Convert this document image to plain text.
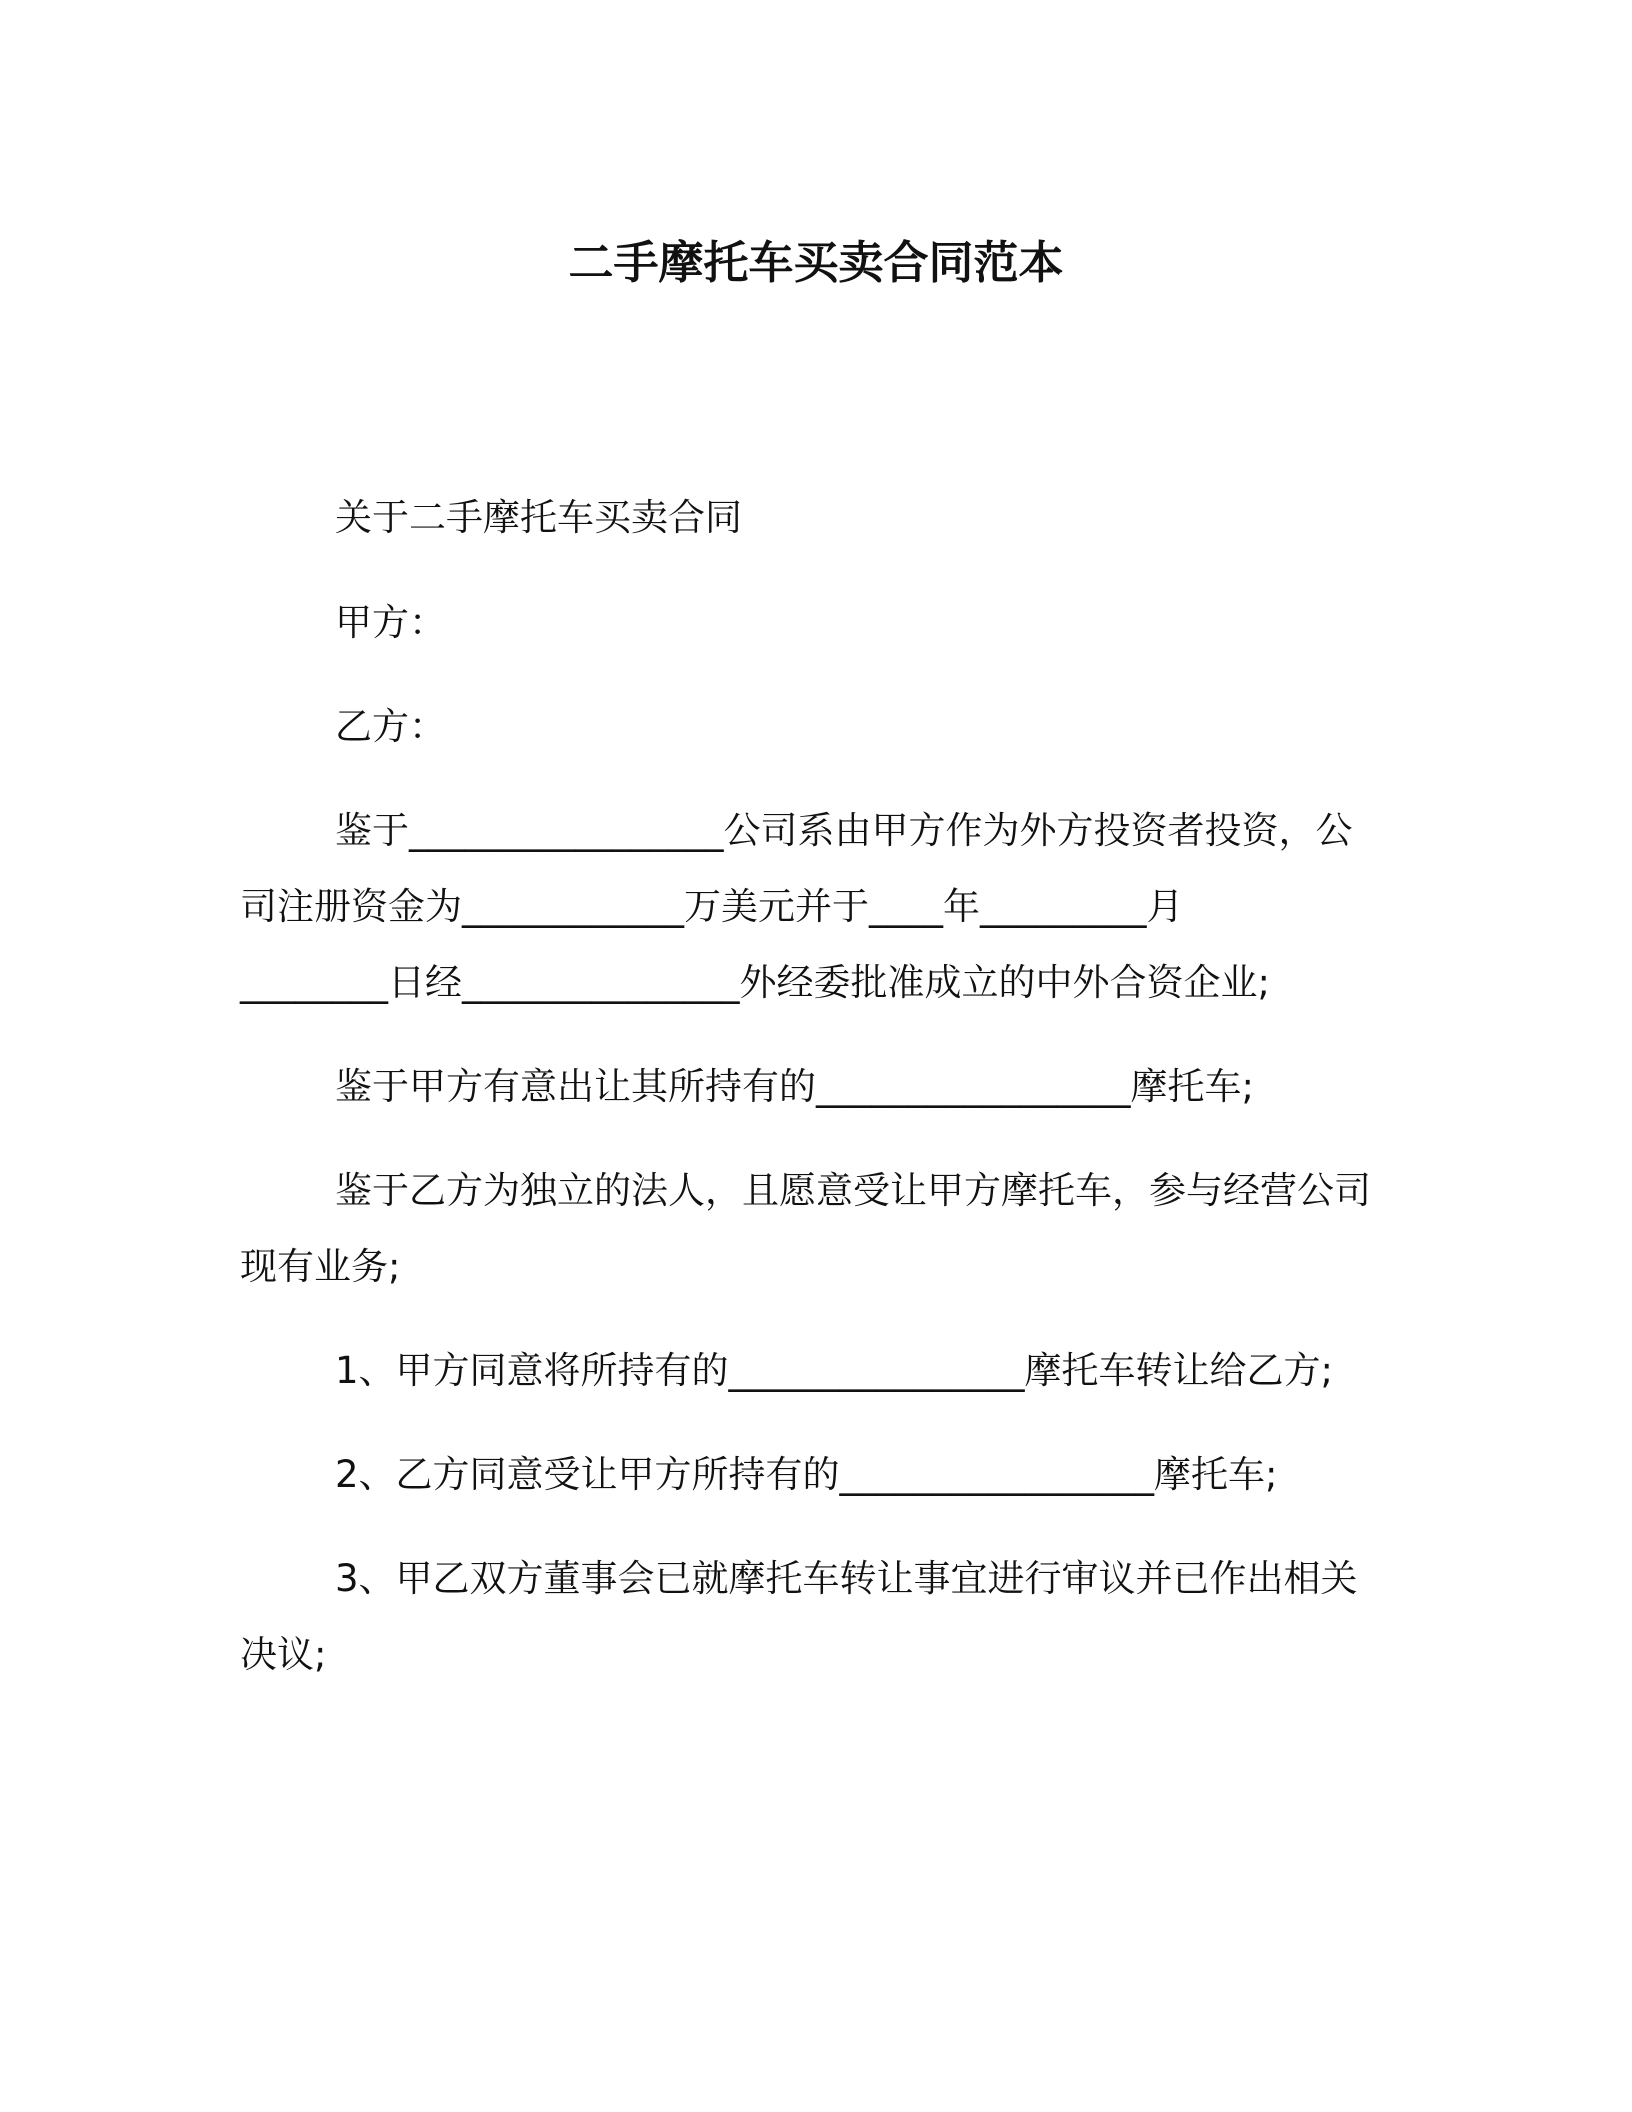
二手摩托车买卖合同范本
关于二手摩托车买卖合同
甲方：
乙方：
鉴于_________________公司系由甲方作为外方投资者投资，公
司注册资金为____________万美元并于____年_________月
________日经_______________外经委批准成立的中外合资企业;
鉴于甲方有意出让其所持有的_________________摩托车;
鉴于乙方为独立的法人，且愿意受让甲方摩托车，参与经营公司
现有业务;
1、甲方同意将所持有的________________摩托车转让给乙方;
2、乙方同意受让甲方所持有的_________________摩托车;
3、甲乙双方董事会已就摩托车转让事宜进行审议并已作出相关
决议;
